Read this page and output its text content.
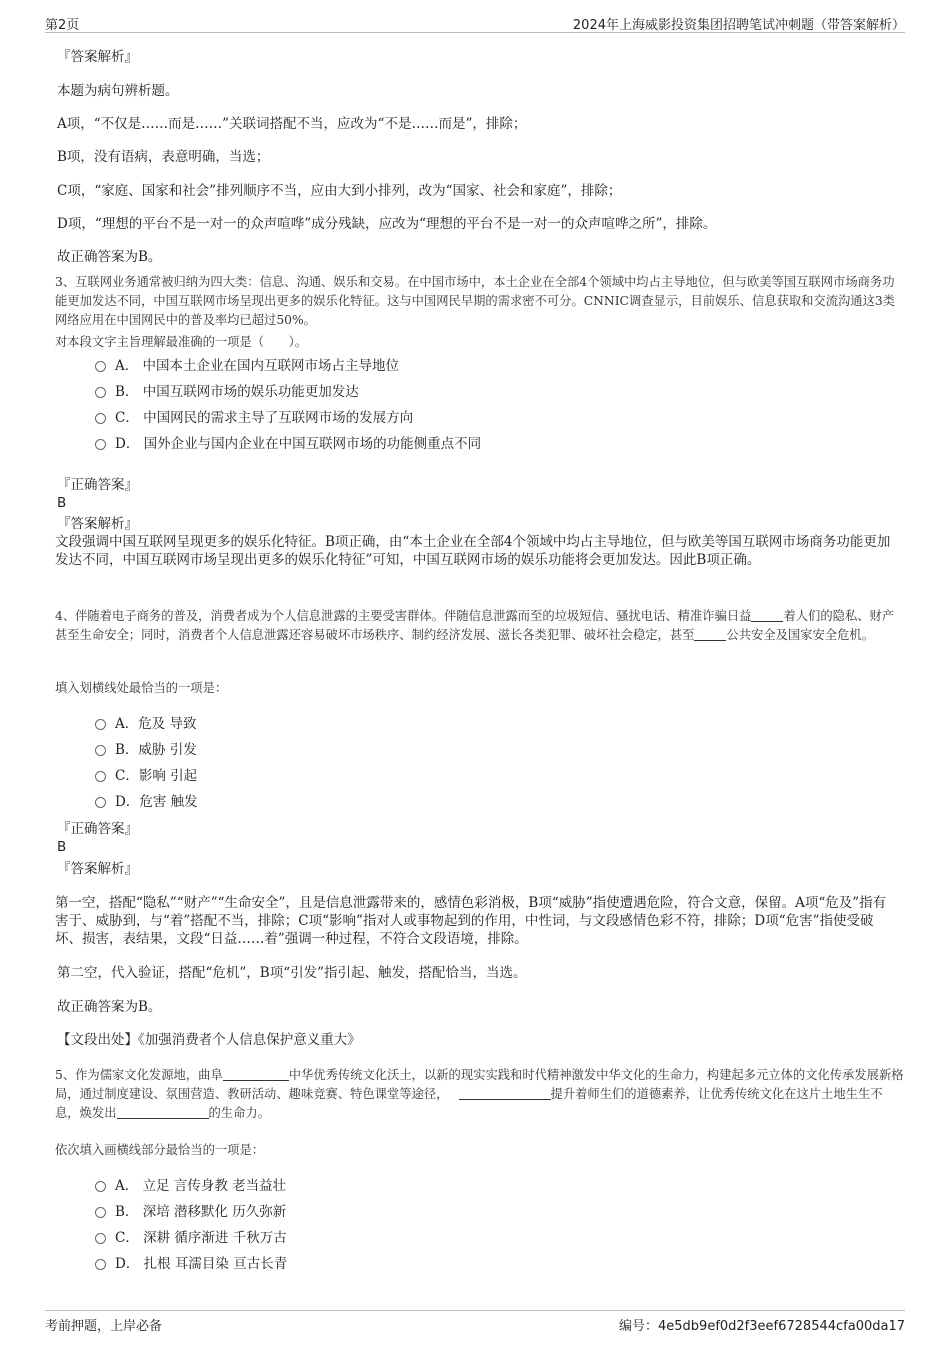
第2页	2024年上海威影投资集团招聘笔试冲刺题（带答案解析）
『答案解析』
本题为病句辨析题。
A项，“不仅是……而是……”关联词搭配不当，应改为“不是……而是”，排除；
B项，没有语病，表意明确，当选；
C项，“家庭、国家和社会”排列顺序不当，应由大到小排列，改为“国家、社会和家庭”，排除；
D项，“理想的平台不是一对一的众声喧哗”成分残缺，应改为“理想的平台不是一对一的众声喧哗之所”，排除。
故正确答案为B。
3、互联网业务通常被归纳为四大类：信息、沟通、娱乐和交易。在中国市场中，本土企业在全部4个领域中均占主导地位，但与欧美等国互联网市场商务功能更加发达不同，中国互联网市场呈现出更多的娱乐化特征。这与中国网民早期的需求密不可分。CNNIC调查显示，目前娱乐、信息获取和交流沟通这3类网络应用在中国网民中的普及率均已超过50%。
对本段文字主旨理解最准确的一项是（　　）。
A． 中国本土企业在国内互联网市场占主导地位
B． 中国互联网市场的娱乐功能更加发达
C． 中国网民的需求主导了互联网市场的发展方向
D． 国外企业与国内企业在中国互联网市场的功能侧重点不同
『正确答案』
B
『答案解析』
文段强调中国互联网呈现更多的娱乐化特征。B项正确，由“本土企业在全部4个领域中均占主导地位，但与欧美等国互联网市场商务功能更加发达不同，中国互联网市场呈现出更多的娱乐化特征”可知，中国互联网市场的娱乐功能将会更加发达。因此B项正确。
4、伴随着电子商务的普及，消费者成为个人信息泄露的主要受害群体。伴随信息泄露而至的垃圾短信、骚扰电话、精准诈骗日益	着人们的隐私、财产甚至生命安全；同时，消费者个人信息泄露还容易破坏市场秩序、制约经济发展、滋长各类犯罪、破坏社会稳定，甚至	公共安全及国家安全危机。
填入划横线处最恰当的一项是：
A．危及 导致
B．威胁 引发
C．影响 引起
D．危害 触发
『正确答案』
B
『答案解析』
第一空，搭配“隐私”“财产”“生命安全”，且是信息泄露带来的，感情色彩消极，B项“威胁”指使遭遇危险，符合文意，保留。A项“危及”指有害于、威胁到，与“着”搭配不当，排除；C项“影响”指对人或事物起到的作用，中性词，与文段感情色彩不符，排除；D项“危害”指使受破坏、损害，表结果，文段“日益……着”强调一种过程，不符合文段语境，排除。
第二空，代入验证，搭配“危机”，B项“引发”指引起、触发，搭配恰当，当选。
故正确答案为B。
【文段出处】《加强消费者个人信息保护意义重大》
5、作为儒家文化发源地，曲阜	中华优秀传统文化沃土，以新的现实实践和时代精神激发中华文化的生命力，构建起多元立体的文化传承发展新格局，通过制度建设、氛围营造、教研活动、趣味竞赛、特色课堂等途径，	提升着师生们的道德素养，让优秀传统文化在这片土地生生不息，焕发出	的生命力。
依次填入画横线部分最恰当的一项是：
A． 立足 言传身教 老当益壮
B． 深培 潜移默化 历久弥新
C． 深耕 循序渐进 千秋万古
D． 扎根 耳濡目染 亘古长青
考前押题，上岸必备	编号：4e5db9ef0d2f3eef6728544cfa00da17
